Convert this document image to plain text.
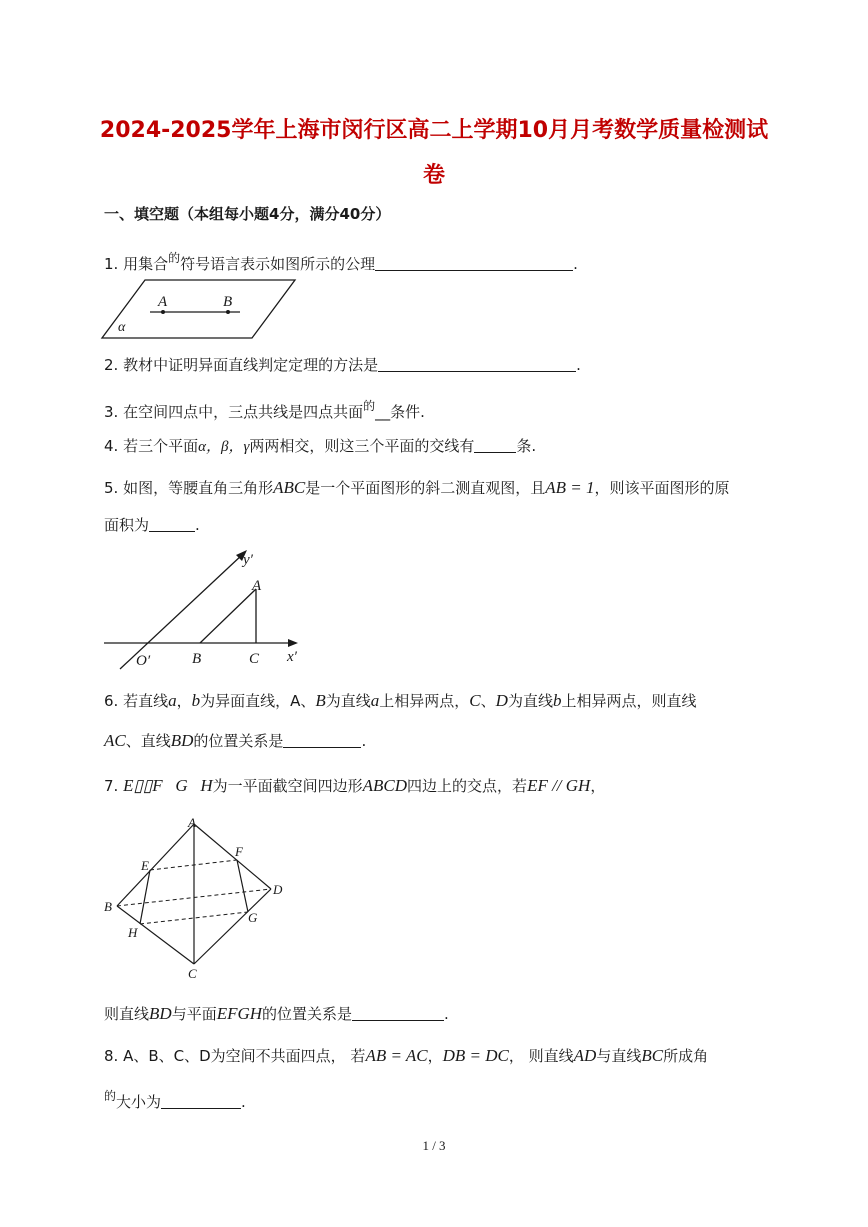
2024-2025学年上海市闵行区高二上学期10月月考数学质量检测试
卷
一、填空题（本组每小题4分，满分40分）
1. 用集合$^的$符号语言表示如图所示的公理	.
A	B
α
2. 教材中证明异面直线判定定理的方法是	.
3. 在空间四点中，三点共线是四点共面$^的$__条件.
4. 若三个平面α，β，γ两两相交，则这三个平面的交线有	条.
5. 如图，等腰直角三角形ABC是一个平面图形的斜二测直观图，且AB = 1，则该平面图形的原
面积为	.
y′
x′
O′
A
B	C
6. 若直线a，b为异面直线，A、B为直线a上相异两点，C、D为直线b上相异两点，则直线
AC、直线BD的位置关系是	.
7. E▯▯F   G   H为一平面截空间四边形ABCD四边上的交点，若EF // GH，
A
B
C
D
E
F
G
H
则直线BD与平面EFGH的位置关系是	.
8. A、B、C、D为空间不共面四点， 若AB = AC，DB = DC， 则直线AD与直线BC所成角
$^的$大小为	.
1 / 3
